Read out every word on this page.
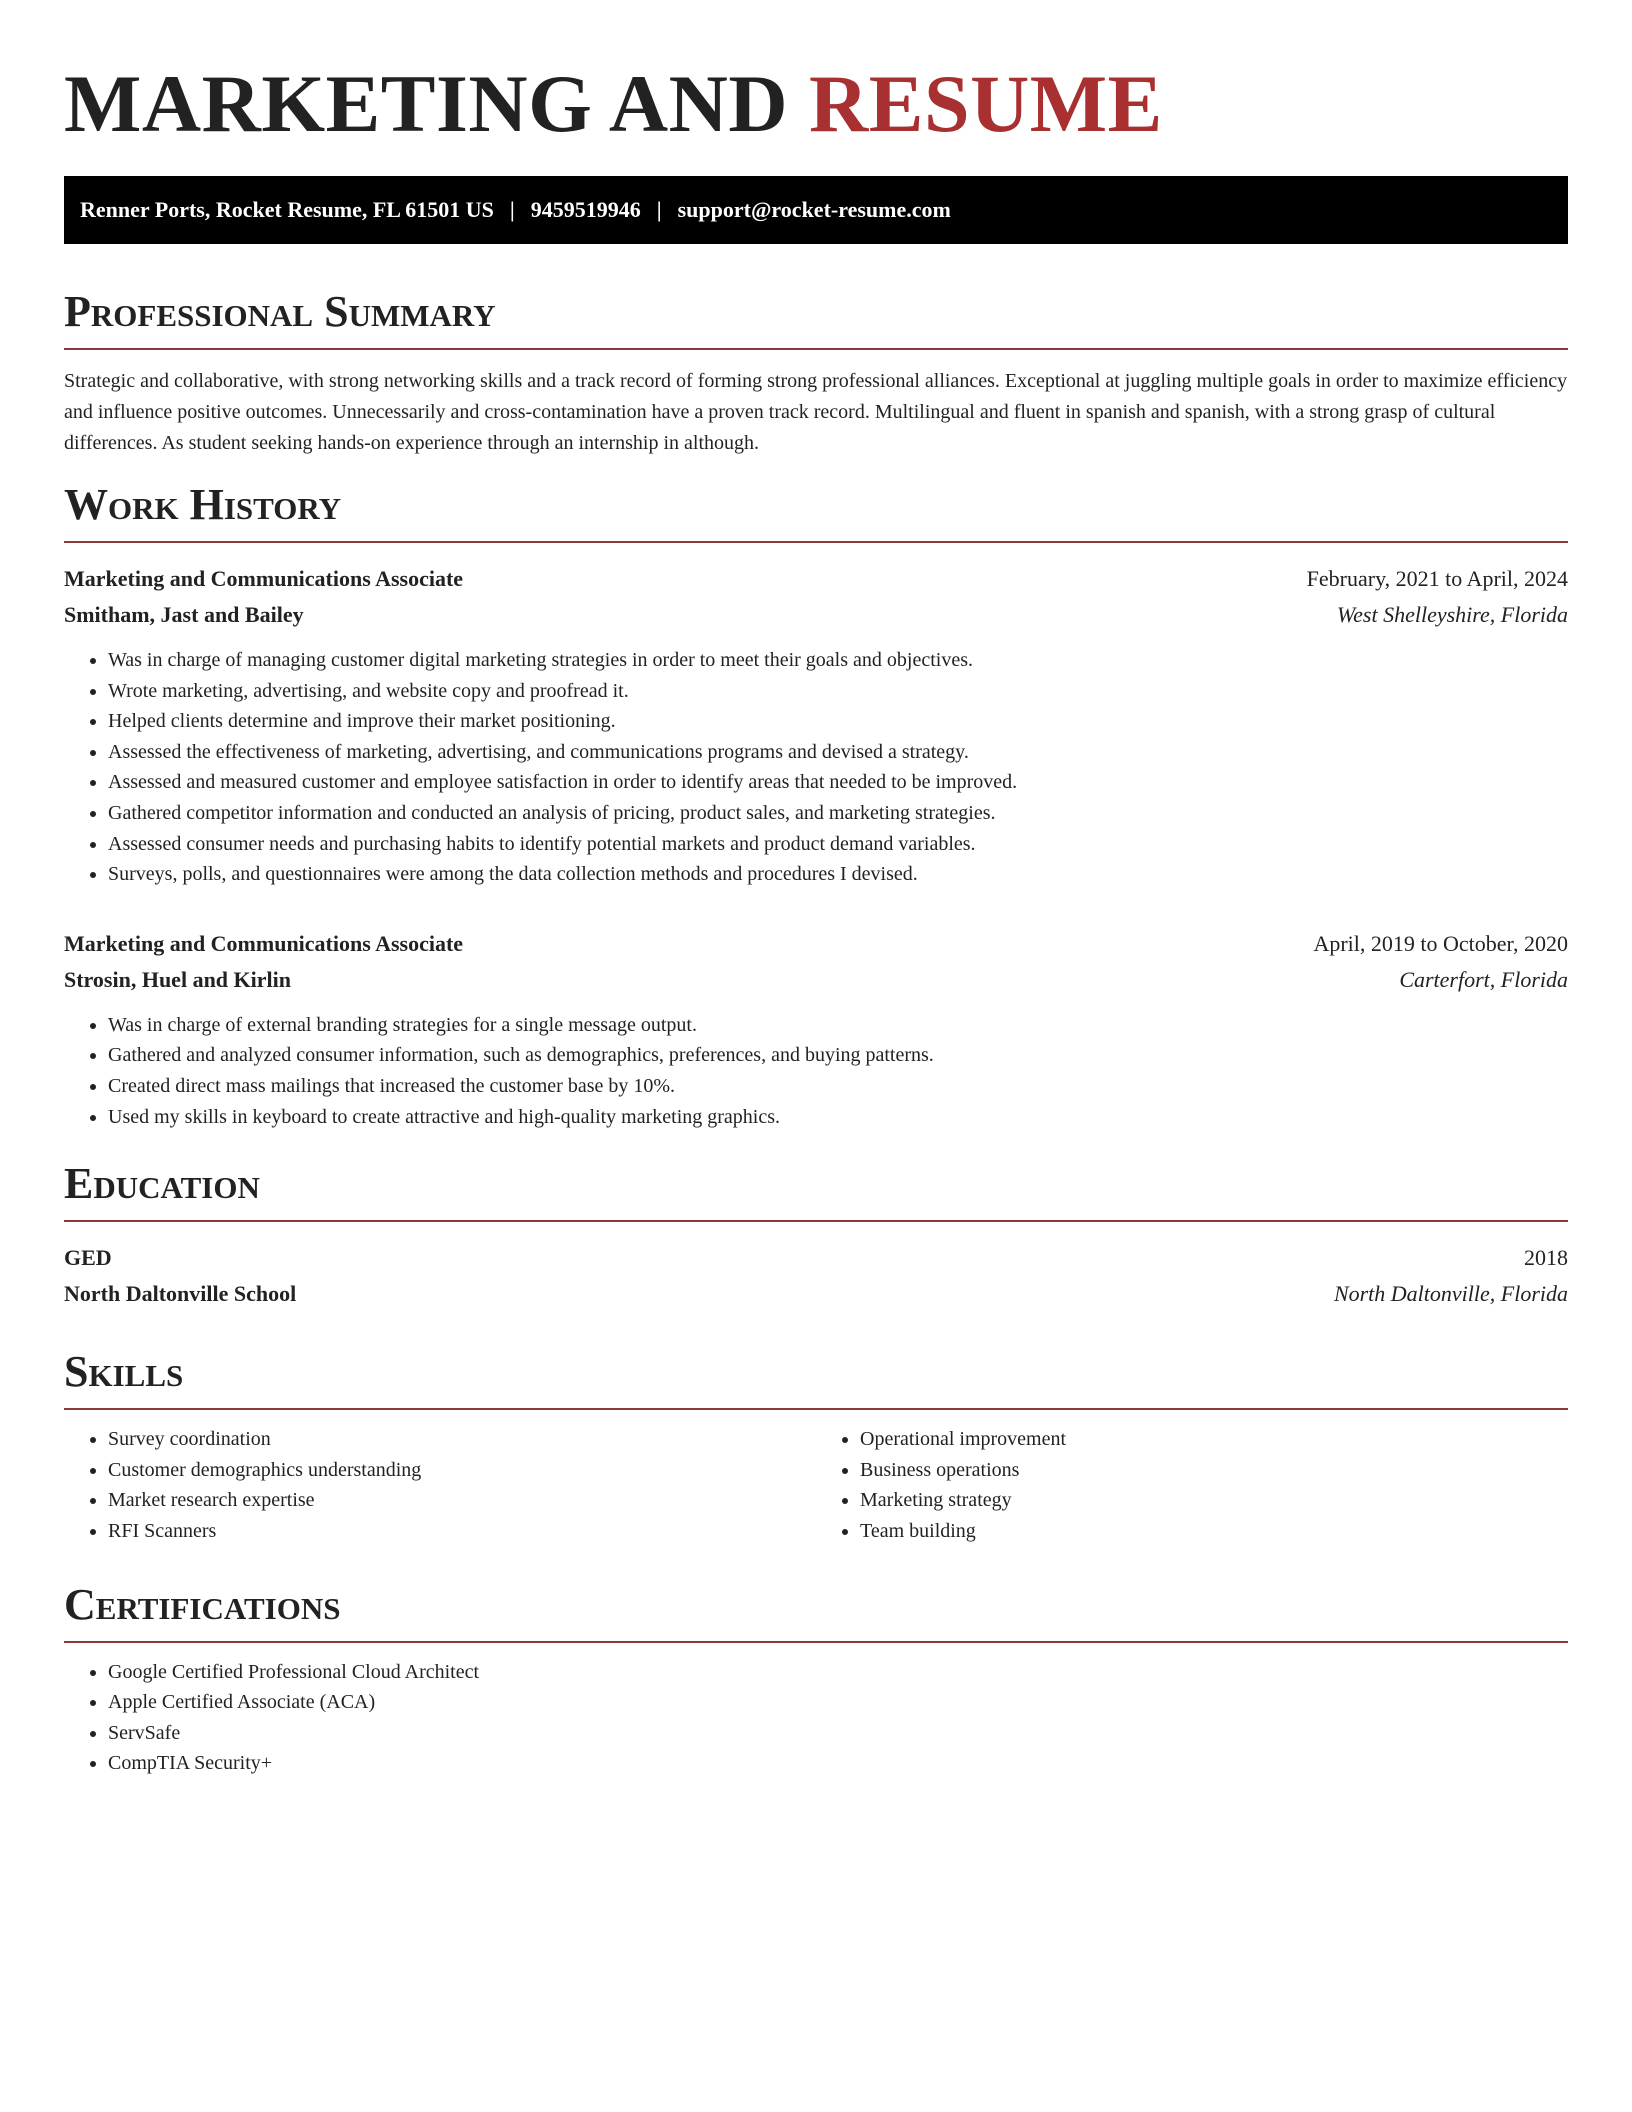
MARKETING AND RESUME
Renner Ports, Rocket Resume, FL 61501 US | 9459519946 | support@rocket-resume.com
Professional Summary

Strategic and collaborative, with strong networking skills and a track record of forming strong professional alliances. Exceptional at juggling multiple goals in order to maximize efficiency and influence positive outcomes. Unnecessarily and cross-contamination have a proven track record. Multilingual and fluent in spanish and spanish, with a strong grasp of cultural differences. As student seeking hands-on experience through an internship in although.

Work History
Marketing and Communications Associate	February, 2021 to April, 2024
Smitham, Jast and Bailey	West Shelleyshire, Florida
• Was in charge of managing customer digital marketing strategies in order to meet their goals and objectives.
• Wrote marketing, advertising, and website copy and proofread it.
• Helped clients determine and improve their market positioning.
• Assessed the effectiveness of marketing, advertising, and communications programs and devised a strategy.
• Assessed and measured customer and employee satisfaction in order to identify areas that needed to be improved.
• Gathered competitor information and conducted an analysis of pricing, product sales, and marketing strategies.
• Assessed consumer needs and purchasing habits to identify potential markets and product demand variables.
• Surveys, polls, and questionnaires were among the data collection methods and procedures I devised.
Marketing and Communications Associate	April, 2019 to October, 2020
Strosin, Huel and Kirlin	Carterfort, Florida
• Was in charge of external branding strategies for a single message output.
• Gathered and analyzed consumer information, such as demographics, preferences, and buying patterns.
• Created direct mass mailings that increased the customer base by 10%.
• Used my skills in keyboard to create attractive and high-quality marketing graphics.
Education
GED	2018
North Daltonville School	North Daltonville, Florida
Skills
• Survey coordination
• Customer demographics understanding
• Market research expertise
• RFI Scanners
• Operational improvement
• Business operations
• Marketing strategy
• Team building
Certifications
• Google Certified Professional Cloud Architect
• Apple Certified Associate (ACA)
• ServSafe
• CompTIA Security+
